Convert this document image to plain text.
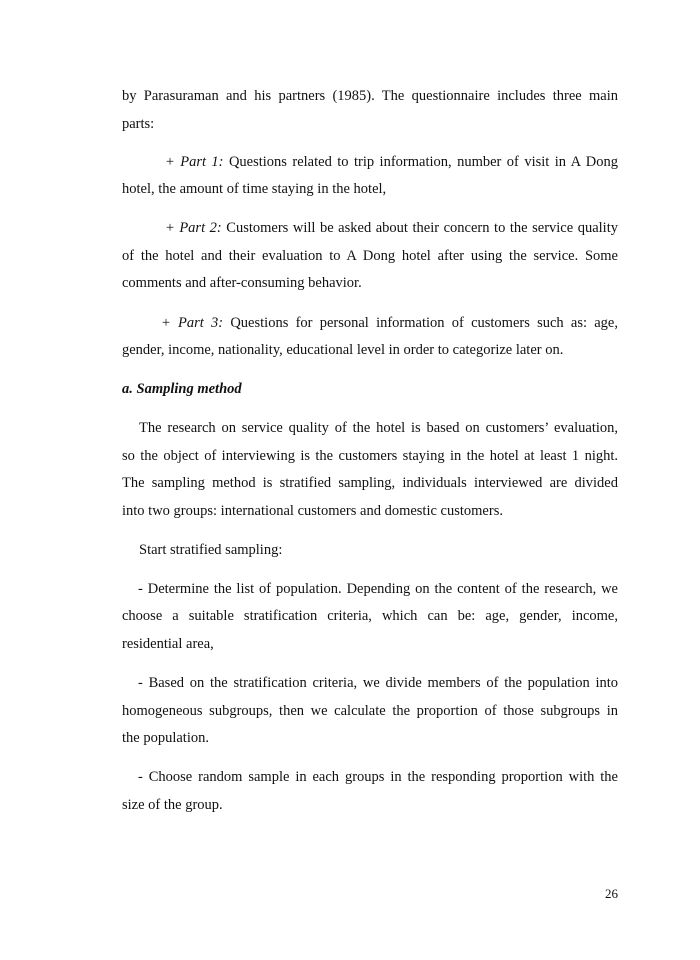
by Parasuraman and his partners (1985). The questionnaire includes three main
parts:
+ Part 1: Questions related to trip information, number of visit in A Dong
hotel, the amount of time staying in the hotel,
+ Part 2: Customers will be asked about their concern to the service quality
of the hotel and their evaluation to A Dong hotel after using the service. Some
comments and after-consuming behavior.
+ Part 3: Questions for personal information of customers such as: age,
gender, income, nationality, educational level in order to categorize later on.
a. Sampling method
The research on service quality of the hotel is based on customers’ evaluation,
so the object of interviewing is the customers staying in the hotel at least 1 night.
The sampling method is stratified sampling, individuals interviewed are divided
into two groups: international customers and domestic customers.
Start stratified sampling:
- Determine the list of population. Depending on the content of the research, we
choose a suitable stratification criteria, which can be: age, gender, income,
residential area,
- Based on the stratification criteria, we divide members of the population into
homogeneous subgroups, then we calculate the proportion of those subgroups in
the population.
- Choose random sample in each groups in the responding proportion with the
size of the group.
26
